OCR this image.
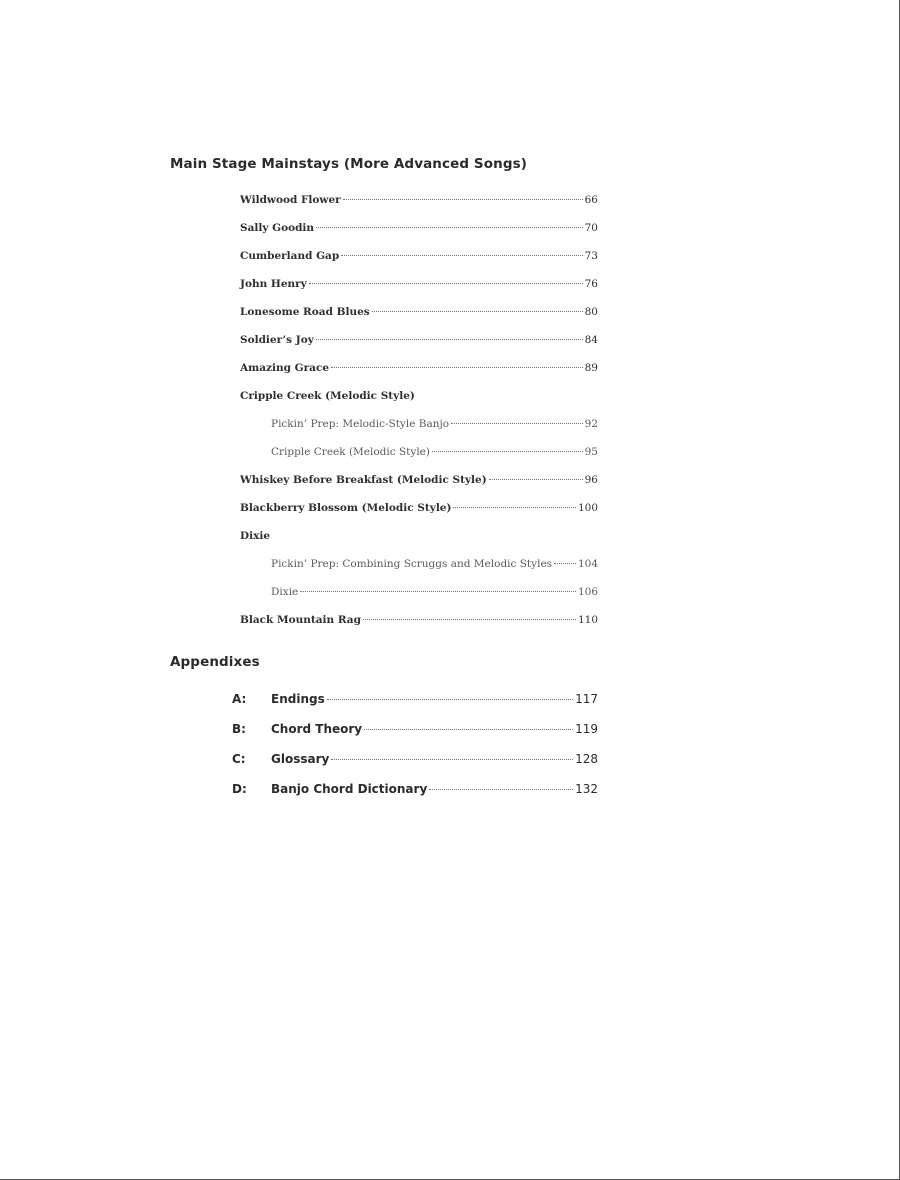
Main Stage Mainstays (More Advanced Songs)
Wildwood Flower	66
Sally Goodin	70
Cumberland Gap	73
John Henry	76
Lonesome Road Blues	80
Soldier’s Joy	84
Amazing Grace	89
Cripple Creek (Melodic Style)
Pickin’ Prep: Melodic-Style Banjo	92
Cripple Creek (Melodic Style)	95
Whiskey Before Breakfast (Melodic Style)	96
Blackberry Blossom (Melodic Style)	100
Dixie
Pickin’ Prep: Combining Scruggs and Melodic Styles 104
Dixie	106
Black Mountain Rag	110
Appendixes
A:	Endings	117
B:	Chord Theory	119
C:	Glossary	128
D:	Banjo Chord Dictionary	132
